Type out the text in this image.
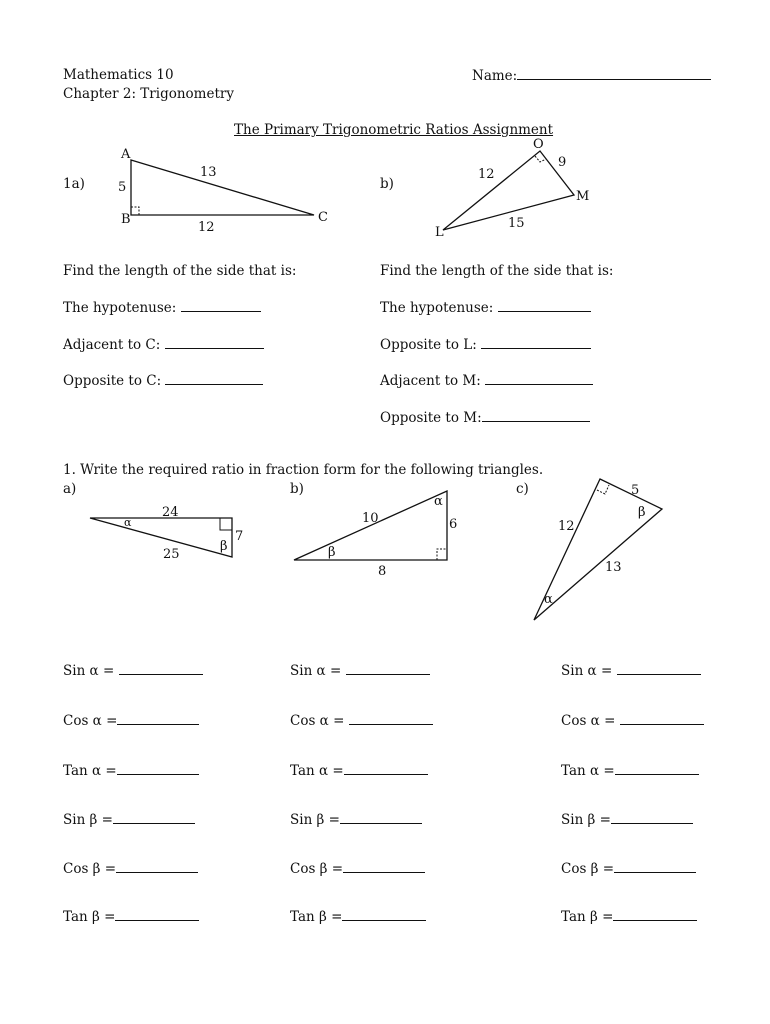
Mathematics 10
Chapter 2: Trigonometry
Name:
The Primary Trigonometric Ratios Assignment
1a)
A
B	C
5
13
12
b)
O
M
L
12
9
15
Find the length of the side that is:
The hypotenuse:
Adjacent to C:
Opposite to C:
Find the length of the side that is:
The hypotenuse:
Opposite to L:
Adjacent to M:
Opposite to M:
1. Write the required ratio in fraction form for the following triangles.
a)	b)	c)
24
7
25
α
β
10	6
8
α
β
5
12
13
α
β
Sin α =
Cos α =
Tan α =
Sin β =
Cos β =
Tan β =
Sin α =
Cos α =
Tan α =
Sin β =
Cos β =
Tan β =
Sin α =
Cos α =
Tan α =
Sin β =
Cos β =
Tan β =
